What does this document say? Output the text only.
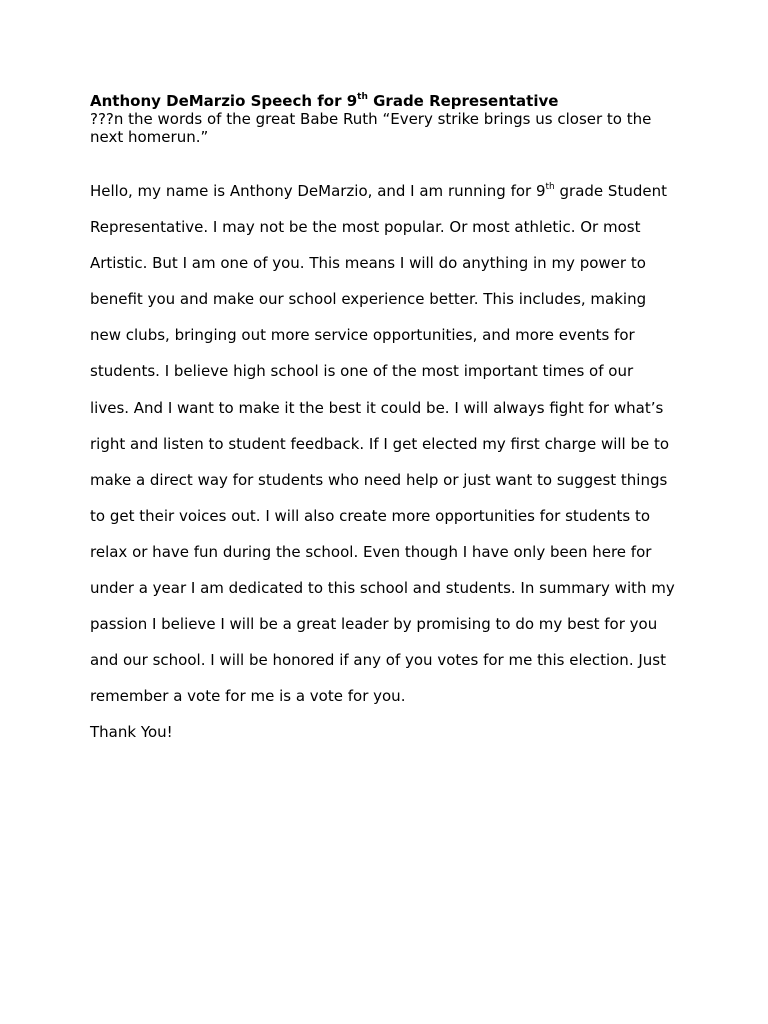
Anthony DeMarzio Speech for 9th Grade Representative

???n the words of the great Babe Ruth “Every strike brings us closer to the next homerun.”

Hello, my name is Anthony DeMarzio, and I am running for 9th grade Student
Representative. I may not be the most popular. Or most athletic. Or most
Artistic. But I am one of you. This means I will do anything in my power to
benefit you and make our school experience better. This includes, making
new clubs, bringing out more service opportunities, and more events for
students. I believe high school is one of the most important times of our
lives. And I want to make it the best it could be. I will always fight for what’s
right and listen to student feedback. If I get elected my first charge will be to
make a direct way for students who need help or just want to suggest things
to get their voices out. I will also create more opportunities for students to
relax or have fun during the school. Even though I have only been here for
under a year I am dedicated to this school and students. In summary with my
passion I believe I will be a great leader by promising to do my best for you
and our school. I will be honored if any of you votes for me this election. Just
remember a vote for me is a vote for you.

Thank You!
